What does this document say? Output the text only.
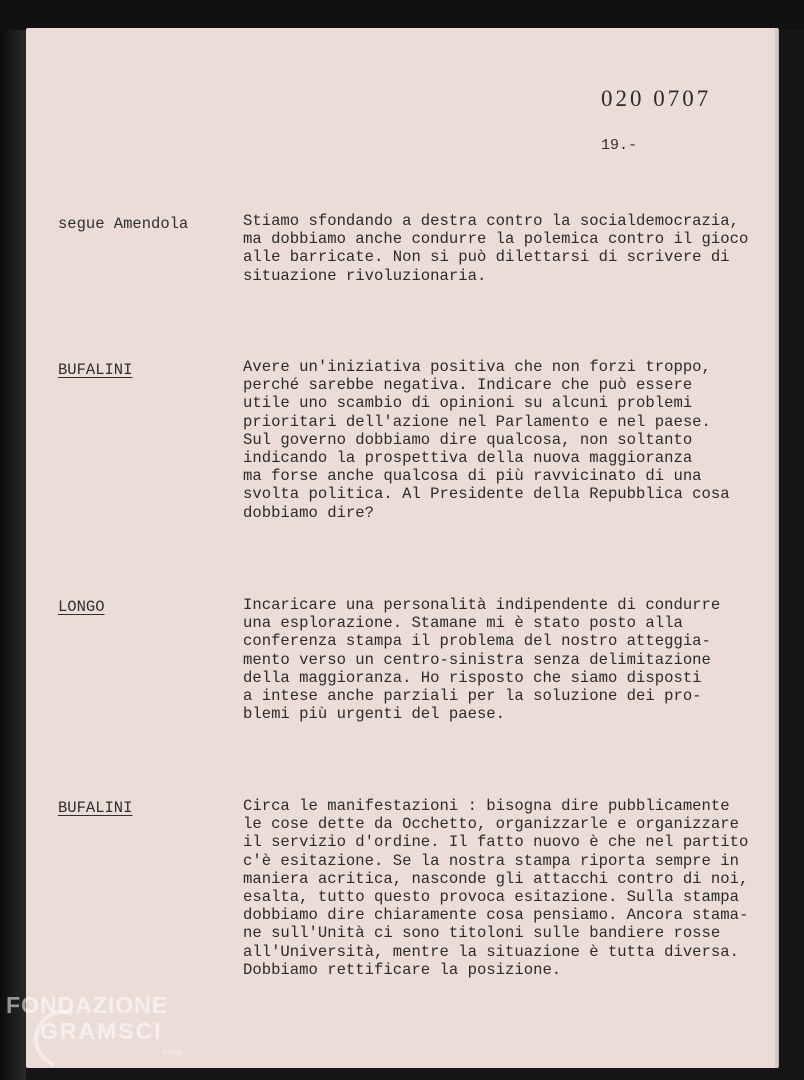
020 0707
19.-
segue Amendola	Stiamo sfondando a destra contro la socialdemocrazia,
ma dobbiamo anche condurre la polemica contro il gioco
alle barricate. Non si può dilettarsi di scrivere di
situazione rivoluzionaria.
BUFALINI	Avere un'iniziativa positiva che non forzi troppo,
perché sarebbe negativa. Indicare che può essere
utile uno scambio di opinioni su alcuni problemi
prioritari dell'azione nel Parlamento e nel paese.
Sul governo dobbiamo dire qualcosa, non soltanto
indicando la prospettiva della nuova maggioranza
ma forse anche qualcosa di più ravvicinato di una
svolta politica. Al Presidente della Repubblica cosa
dobbiamo dire?
LONGO	Incaricare una personalità indipendente di condurre
una esplorazione. Stamane mi è stato posto alla
conferenza stampa il problema del nostro atteggia-
mento verso un centro-sinistra senza delimitazione
della maggioranza. Ho risposto che siamo disposti
a intese anche parziali per la soluzione dei pro-
blemi più urgenti del paese.
BUFALINI	Circa le manifestazioni : bisogna dire pubblicamente
le cose dette da Occhetto, organizzarle e organizzare
il servizio d'ordine. Il fatto nuovo è che nel partito
c'è esitazione. Se la nostra stampa riporta sempre in
maniera acritica, nasconde gli attacchi contro di noi,
esalta, tutto questo provoca esitazione. Sulla stampa
dobbiamo dire chiaramente cosa pensiamo. Ancora stama-
ne sull'Unità ci sono titoloni sulle bandiere rosse
all'Università, mentre la situazione è tutta diversa.
Dobbiamo rettificare la posizione.
FONDAZIONE
GRAMSCI
onlus
